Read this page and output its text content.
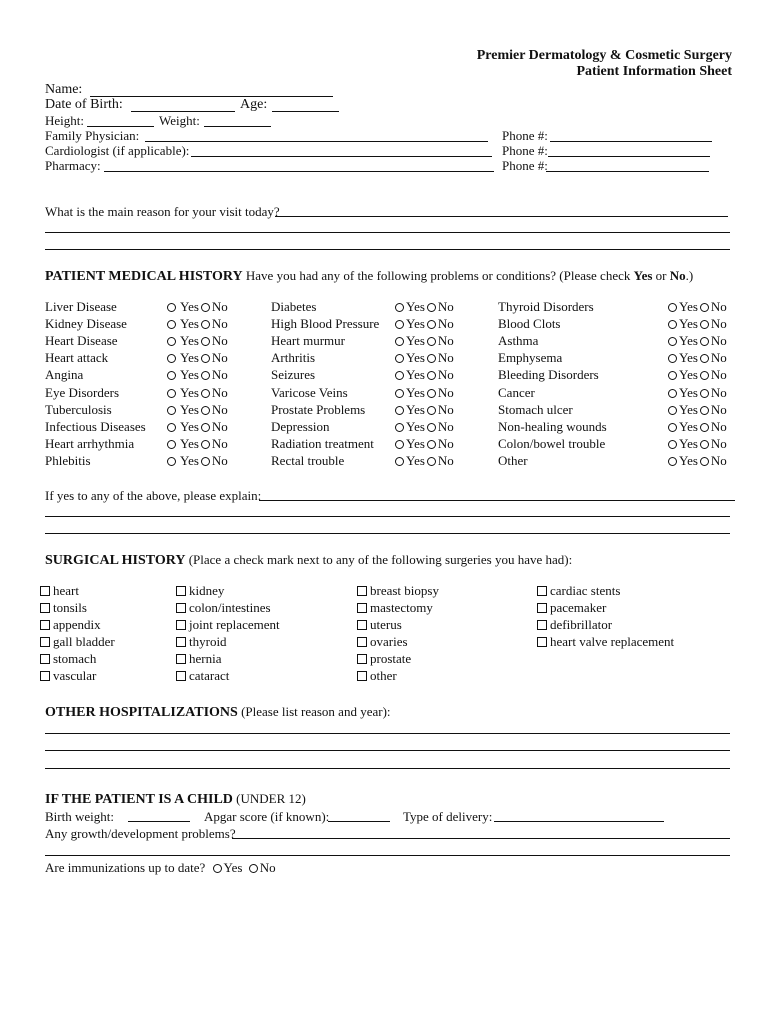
Premier Dermatology & Cosmetic Surgery
Patient Information Sheet
Name:
Date of Birth:	Age:
Height:	Weight:
Family Physician:	Phone #:
Cardiologist (if applicable):	Phone #:
Pharmacy:	Phone #:
What is the main reason for your visit today?
PATIENT MEDICAL HISTORY Have you had any of the following problems or conditions? (Please check Yes or No.)
Liver Disease	Yes No
Kidney Disease	Yes No
Heart Disease	Yes No
Heart attack	Yes No
Angina	Yes No
Eye Disorders	Yes No
Tuberculosis	Yes No
Infectious Diseases	Yes No
Heart arrhythmia	Yes No
Phlebitis	Yes No
Diabetes	Yes No
High Blood Pressure	Yes No
Heart murmur	Yes No
Arthritis	Yes No
Seizures	Yes No
Varicose Veins	Yes No
Prostate Problems	Yes No
Depression	Yes No
Radiation treatment	Yes No
Rectal trouble	Yes No
Thyroid Disorders	Yes No
Blood Clots	Yes No
Asthma	Yes No
Emphysema	Yes No
Bleeding Disorders	Yes No
Cancer	Yes No
Stomach ulcer	Yes No
Non-healing wounds	Yes No
Colon/bowel trouble	Yes No
Other	Yes No
If yes to any of the above, please explain:
SURGICAL HISTORY (Place a check mark next to any of the following surgeries you have had):
heart
tonsils
appendix
gall bladder
stomach
vascular
kidney
colon/intestines
joint replacement
thyroid
hernia
cataract
breast biopsy
mastectomy
uterus
ovaries
prostate
other
cardiac stents
pacemaker
defibrillator
heart valve replacement
OTHER HOSPITALIZATIONS (Please list reason and year):
IF THE PATIENT IS A CHILD (UNDER 12)
Birth weight:	Apgar score (if known):	Type of delivery:
Any growth/development problems?
Are immunizations up to date? Yes No
